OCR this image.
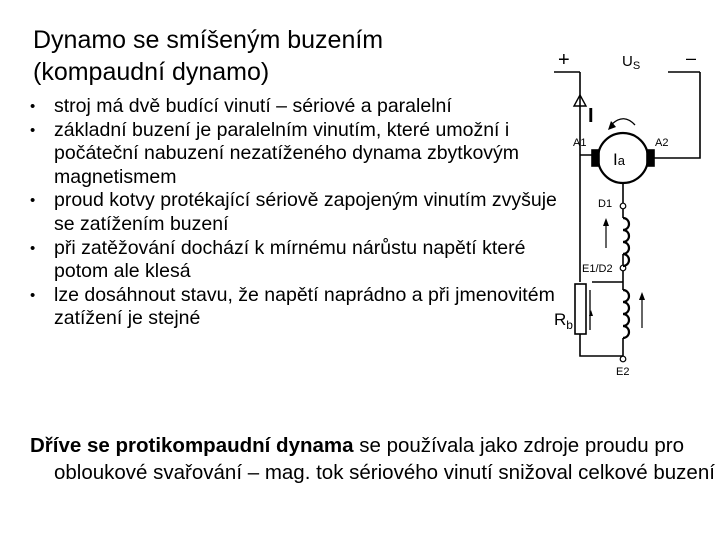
Dynamo se smíšeným buzením
(kompaudní dynamo)
• stroj má dvě budící vinutí – sériové a paralelní
• základní buzení je paralelním vinutím, které umožní i počáteční nabuzení nezatíženého dynama zbytkovým magnetismem
• proud kotvy protékající sériově zapojeným vinutím zvyšuje se zatížením buzení
• při zatěžování dochází k mírnému nárůstu napětí které potom ale klesá
• lze dosáhnout stavu, že napětí naprádno a při jmenovitém zatížení je stejné
+	–
$U_S$
I
A1	A2
Ia
D1
E1/D2
E2
$R_b$

Dříve se protikompaudní dynama se používala jako zdroje proudu pro obloukové svařování – mag. tok sériového vinutí snižoval celkové buzení
